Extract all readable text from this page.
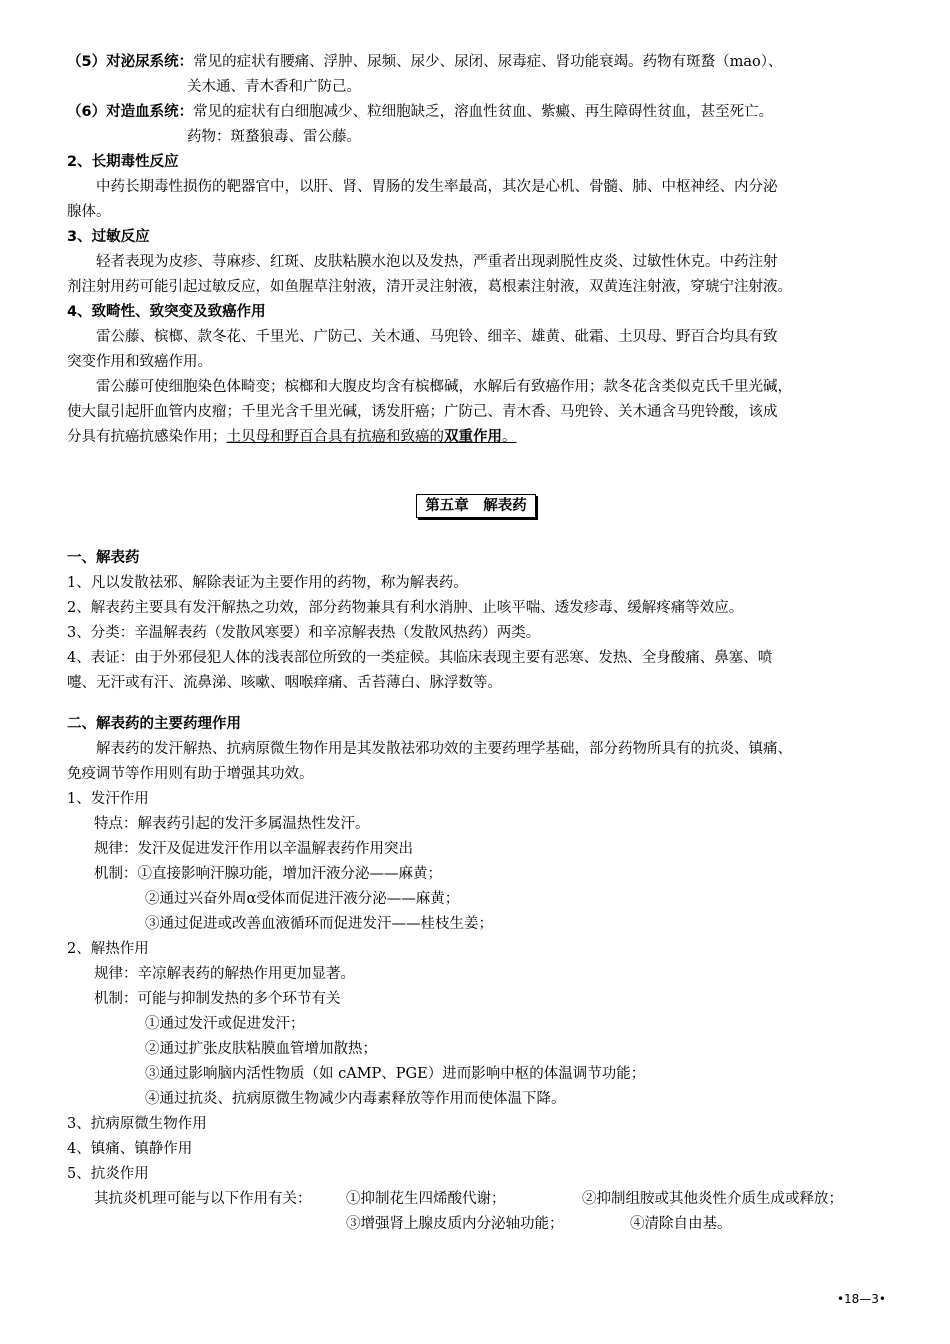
（5）对泌尿系统：常见的症状有腰痛、浮肿、尿频、尿少、尿闭、尿毒症、肾功能衰竭。药物有斑蝥（mao）、
关木通、青木香和广防己。
（6）对造血系统：常见的症状有白细胞减少、粒细胞缺乏，溶血性贫血、紫癜、再生障碍性贫血，甚至死亡。
药物：斑蝥狼毒、雷公藤。
2、长期毒性反应
中药长期毒性损伤的靶器官中，以肝、肾、胃肠的发生率最高，其次是心机、骨髓、肺、中枢神经、内分泌
腺体。
3、过敏反应
轻者表现为皮疹、荨麻疹、红斑、皮肤粘膜水泡以及发热，严重者出现剥脱性皮炎、过敏性休克。中药注射
剂注射用药可能引起过敏反应，如鱼腥草注射液，清开灵注射液，葛根素注射液，双黄连注射液，穿琥宁注射液。
4、致畸性、致突变及致癌作用
雷公藤、槟榔、款冬花、千里光、广防己、关木通、马兜铃、细辛、雄黄、砒霜、土贝母、野百合均具有致
突变作用和致癌作用。
雷公藤可使细胞染色体畸变；槟榔和大腹皮均含有槟榔碱，水解后有致癌作用；款冬花含类似克氏千里光碱，
使大鼠引起肝血管内皮瘤；千里光含千里光碱，诱发肝癌；广防己、青木香、马兜铃、关木通含马兜铃酸，该成
分具有抗癌抗感染作用；土贝母和野百合具有抗癌和致癌的双重作用。
第五章　解表药
一、解表药
1、凡以发散祛邪、解除表证为主要作用的药物，称为解表药。
2、解表药主要具有发汗解热之功效，部分药物兼具有利水消肿、止咳平喘、透发疹毒、缓解疼痛等效应。
3、分类：辛温解表药（发散风寒要）和辛凉解表热（发散风热药）两类。
4、表证：由于外邪侵犯人体的浅表部位所致的一类症候。其临床表现主要有恶寒、发热、全身酸痛、鼻塞、喷
嚏、无汗或有汗、流鼻涕、咳嗽、咽喉痒痛、舌苔薄白、脉浮数等。
二、解表药的主要药理作用
解表药的发汗解热、抗病原微生物作用是其发散祛邪功效的主要药理学基础，部分药物所具有的抗炎、镇痛、
免疫调节等作用则有助于增强其功效。
1、发汗作用
特点：解表药引起的发汗多属温热性发汗。
规律：发汗及促进发汗作用以辛温解表药作用突出
机制：①直接影响汗腺功能，增加汗液分泌——麻黄；
②通过兴奋外周α受体而促进汗液分泌——麻黄；
③通过促进或改善血液循环而促进发汗——桂枝生姜；
2、解热作用
规律：辛凉解表药的解热作用更加显著。
机制：可能与抑制发热的多个环节有关
①通过发汗或促进发汗；
②通过扩张皮肤粘膜血管增加散热；
③通过影响脑内活性物质（如 cAMP、PGE）进而影响中枢的体温调节功能；
④通过抗炎、抗病原微生物减少内毒素释放等作用而使体温下降。
3、抗病原微生物作用
4、镇痛、镇静作用
5、抗炎作用
其抗炎机理可能与以下作用有关：	①抑制花生四烯酸代谢；	②抑制组胺或其他炎性介质生成或释放；
③增强肾上腺皮质内分泌轴功能；	④清除自由基。
•18—3•
